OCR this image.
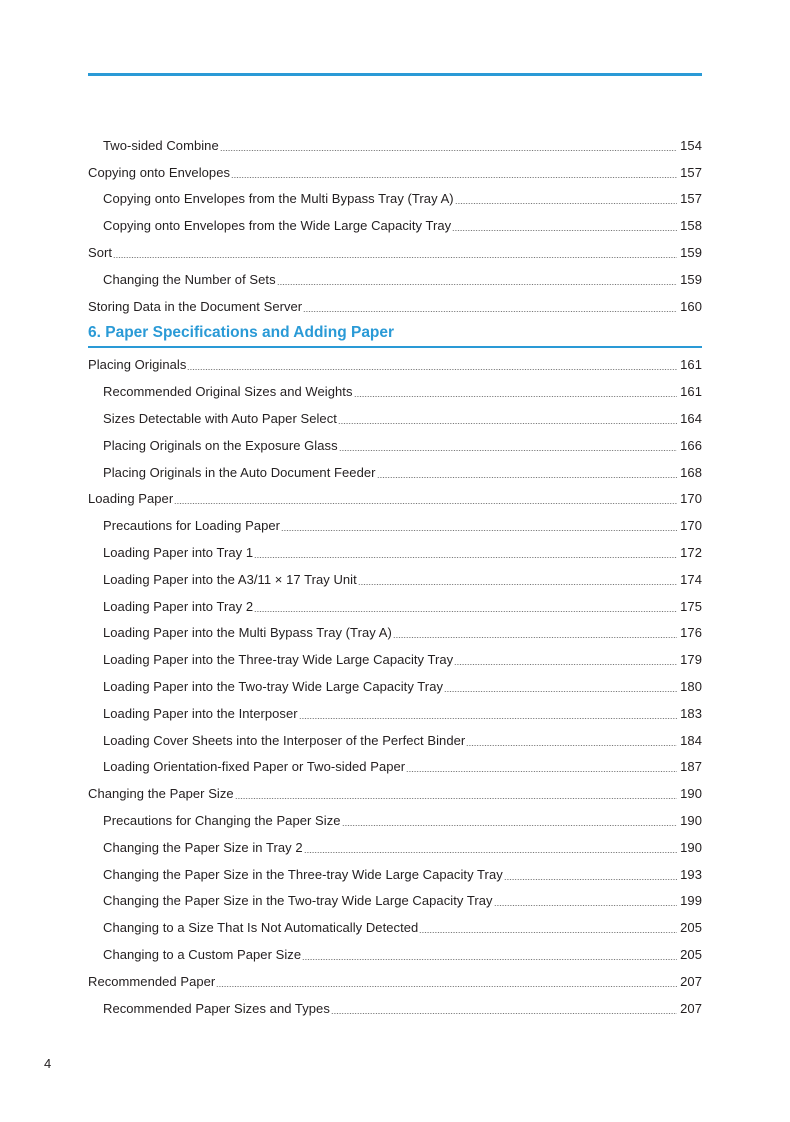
Two-sided Combine	154
Copying onto Envelopes	157
Copying onto Envelopes from the Multi Bypass Tray (Tray A)	157
Copying onto Envelopes from the Wide Large Capacity Tray	158
Sort	159
Changing the Number of Sets	159
Storing Data in the Document Server	160
6. Paper Specifications and Adding Paper
Placing Originals	161
Recommended Original Sizes and Weights	161
Sizes Detectable with Auto Paper Select	164
Placing Originals on the Exposure Glass	166
Placing Originals in the Auto Document Feeder	168
Loading Paper	170
Precautions for Loading Paper	170
Loading Paper into Tray 1	172
Loading Paper into the A3/11 × 17 Tray Unit	174
Loading Paper into Tray 2	175
Loading Paper into the Multi Bypass Tray (Tray A)	176
Loading Paper into the Three-tray Wide Large Capacity Tray	179
Loading Paper into the Two-tray Wide Large Capacity Tray	180
Loading Paper into the Interposer	183
Loading Cover Sheets into the Interposer of the Perfect Binder	184
Loading Orientation-fixed Paper or Two-sided Paper	187
Changing the Paper Size	190
Precautions for Changing the Paper Size	190
Changing the Paper Size in Tray 2	190
Changing the Paper Size in the Three-tray Wide Large Capacity Tray	193
Changing the Paper Size in the Two-tray Wide Large Capacity Tray	199
Changing to a Size That Is Not Automatically Detected	205
Changing to a Custom Paper Size	205
Recommended Paper	207
Recommended Paper Sizes and Types	207
4
